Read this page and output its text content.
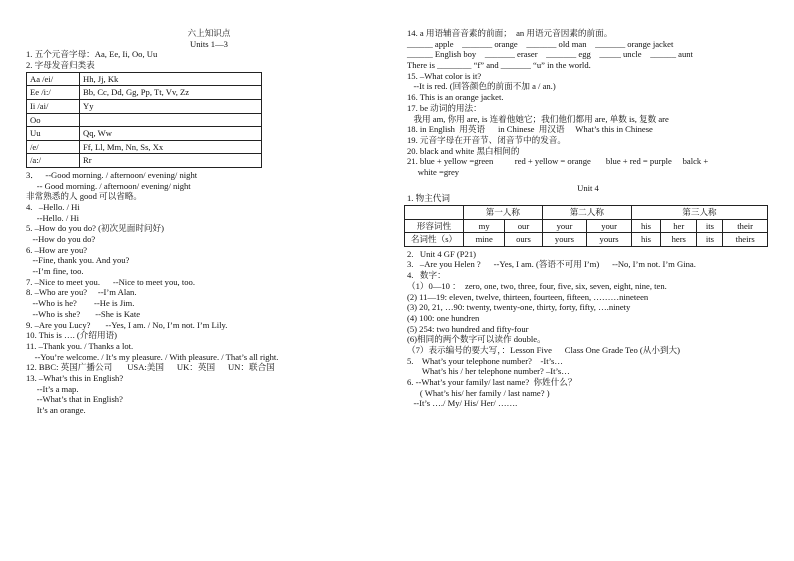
六上知识点
Units 1—3
1. 五个元音字母：Aa, Ee, Ii, Oo, Uu
2. 字母发音归类表
Aa /ei/	Hh, Jj, Kk
Ee /i:/	Bb, Cc, Dd, Gg, Pp, Tt, Vv, Zz
Ii /ai/	Yy
Oo	
Uu	Qq, Ww
/e/	Ff, Ll, Mm, Nn, Ss, Xx
/a:/	Rr
3．   --Good morning. / afternoon/ evening/ night
-- Good morning. / afternoon/ evening/ night
非常熟悉的人 good 可以省略。
4.   –Hello. / Hi
--Hello. / Hi
5. –How do you do? (初次见面时问好)
--How do you do?
6. –How are you?
--Fine, thank you. And you?
--I’m fine, too.
7. –Nice to meet you.      --Nice to meet you, too.
8. –Who are you?     --I’m Alan.
--Who is he?        --He is Jim.
--Who is she?       --She is Kate
9. –Are you Lucy?       --Yes, I am. / No, I’m not. I’m Lily.
10. This is …. (介绍用语)
11. –Thank you. / Thanks a lot.
--You’re welcome. / It’s my pleasure. / With pleasure. / That’s all right.
12. BBC: 英国广播公司       USA:美国      UK：英国      UN：联合国
13. –What’s this in English?
--It’s a map.
--What’s that in English?
It’s an orange.
14. a 用语辅音音素的前面；  an 用语元音因素的前面。
______ apple    _______ orange    _______ old man    _______ orange jacket
______ English boy    _______ eraser    _______ egg    _____ uncle    ______ aunt
There is ________ “f” and _______ “u” in the world.
15. –What color is it?
--It is red. (回答颜色的前面不加 a / an.)
16. This is an orange jacket.
17. be 动词的用法：
我用 am, 你用 are, is 连着他她它；我们他们都用 are, 单数 is, 复数 are
18. in English  用英语      in Chinese  用汉语     What’s this in Chinese
19. 元音字母在开音节、闭音节中的发音。
20. black and white 黑白相间的
21. blue + yellow =green          red + yellow = orange       blue + red = purple     balck +
white =grey
Unit 4
1. 物主代词
	第一人称		第二人称		第三人称			
形容词性	my	our	your	your	his	her	its	their
名词性（s）	mine	ours	yours	yours	his	hers	its	theirs
2.   Unit 4 GF (P21)
3.   –Are you Helen ?      --Yes, I am. (答语不可用 I’m)      --No, I’m not. I’m Gina.
4.   数字：
（1）0—10 ：  zero, one, two, three, four, five, six, seven, eight, nine, ten.
(2) 11—19: eleven, twelve, thirteen, fourteen, fifteen, ………nineteen
(3) 20, 21, …90: twenty, twenty-one, thirty, forty, fifty, ….ninety
(4) 100: one hundren
(5) 254: two hundred and fifty-four
(6)相同的两个数字可以读作 double。
（7）表示编号的要大写，：Lesson Five      Class One Grade Teo (从小到大)
5.    What’s your telephone number?    -It’s…
What’s his / her telephone number? –It’s…
6. --What’s your family/ last name?  你姓什么？
( What’s his/ her family / last name? )
--It’s …./ My/ His/ Her/ …….
